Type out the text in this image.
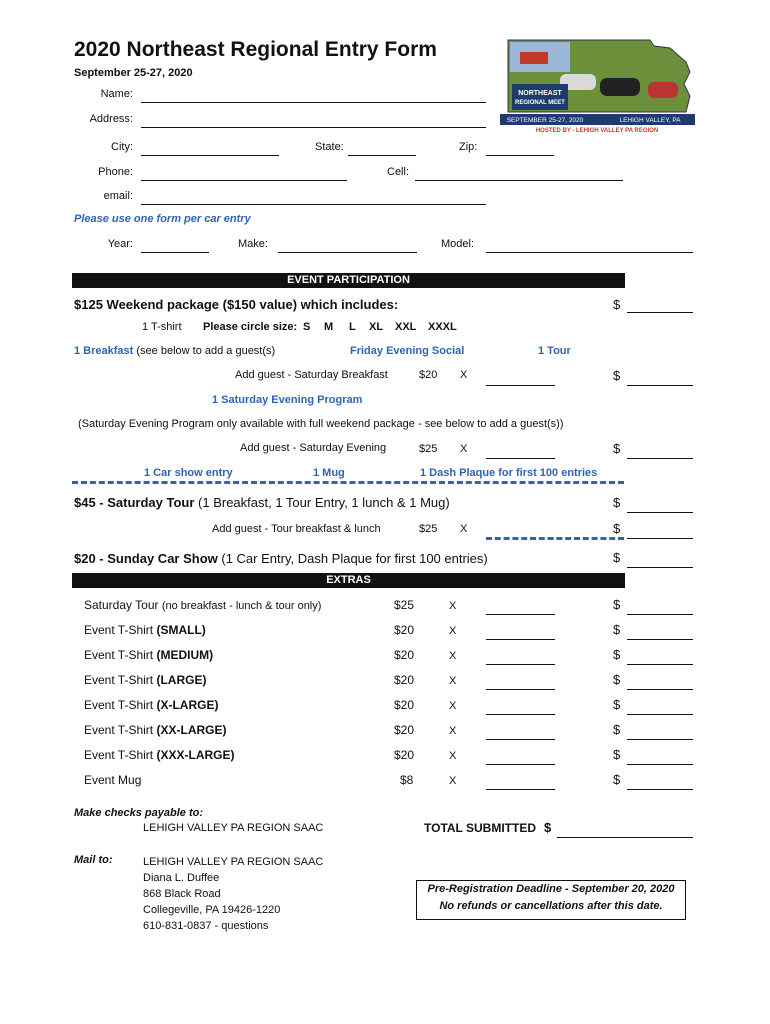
2020 Northeast Regional Entry Form
September 25-27, 2020
NORTHEAST
REGIONAL MEET
SEPTEMBER 25-27, 2020	LEHIGH VALLEY, PA
HOSTED BY - LEHIGH VALLEY PA REGION
Name:
Address:
City:	State:	Zip:
Phone:	Cell:
email:
Please use one form per car entry
Year:	Make:	Model:
EVENT PARTICIPATION
$125 Weekend package ($150 value) which includes:	$
1 T-shirt Please circle size: S M L XL XXL XXXL
1 Breakfast (see below to add a guest(s)	Friday Evening Social	1 Tour
Add guest - Saturday Breakfast	$20 X	$
1 Saturday Evening Program
(Saturday Evening Program only available with full weekend package - see below to add a guest(s))
Add guest - Saturday Evening	$25 X	$
1 Car show entry	1 Mug	1 Dash Plaque for first 100 entries
$45 - Saturday Tour (1 Breakfast, 1 Tour Entry, 1 lunch & 1 Mug)	$
Add guest - Tour breakfast & lunch	$25 X	$
$20 - Sunday Car Show (1 Car Entry, Dash Plaque for first 100 entries)	$
EXTRAS
Saturday Tour (no breakfast - lunch & tour only)	$25	X	$
Event T-Shirt (SMALL)	$20	X	$
Event T-Shirt (MEDIUM)	$20	X	$
Event T-Shirt (LARGE)	$20	X	$
Event T-Shirt (X-LARGE)	$20	X	$
Event T-Shirt (XX-LARGE)	$20	X	$
Event T-Shirt (XXX-LARGE)	$20	X	$
Event Mug	$8	X	$
Make checks payable to:
LEHIGH VALLEY PA REGION SAAC	TOTAL SUBMITTED $
Mail to:	LEHIGH VALLEY PA REGION SAAC
Diana L. Duffee
868 Black Road
Collegeville, PA 19426-1220
610-831-0837 - questions
Pre-Registration Deadline - September 20, 2020
No refunds or cancellations after this date.
